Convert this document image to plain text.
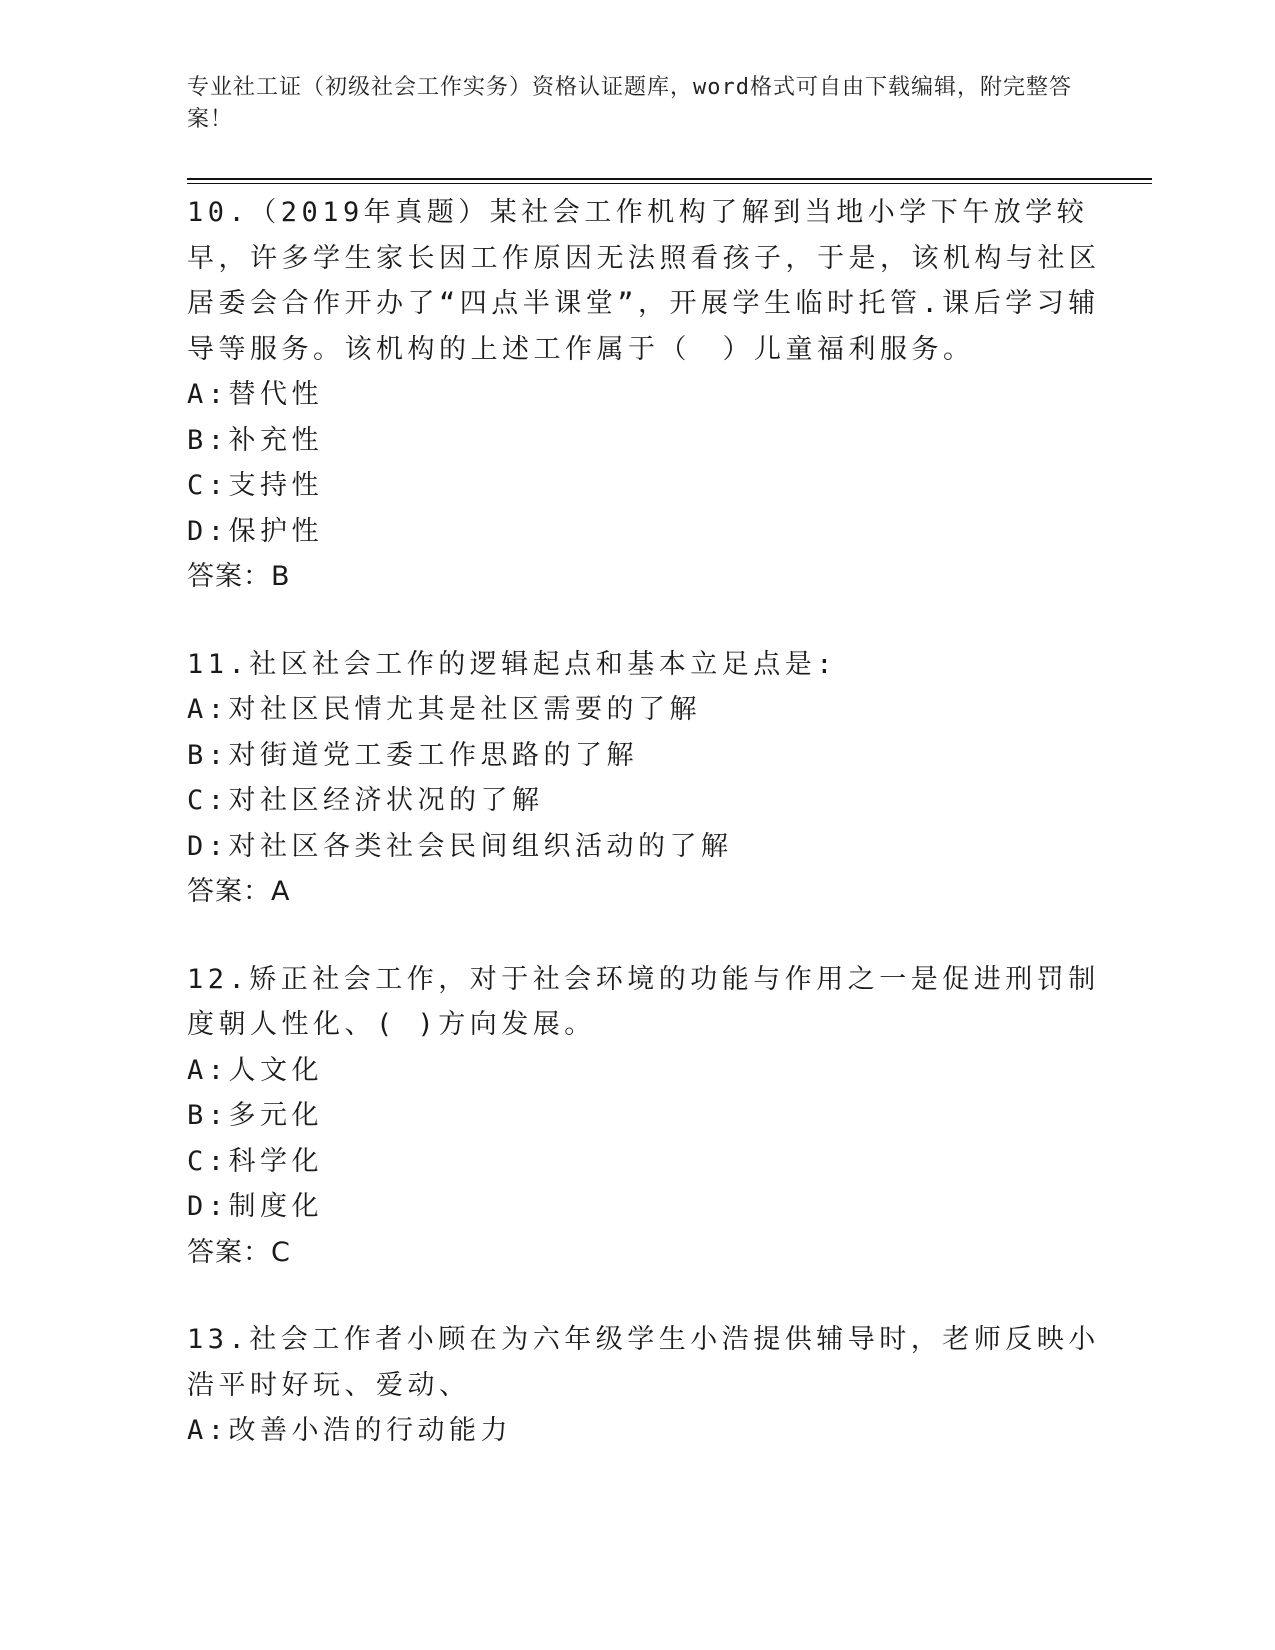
专业社工证（初级社会工作实务）资格认证题库，word格式可自由下载编辑，附完整答案！

10.（2019年真题）某社会工作机构了解到当地小学下午放学较早，许多学生家长因工作原因无法照看孩子，于是，该机构与社区居委会合作开办了“四点半课堂”，开展学生临时托管.课后学习辅导等服务。该机构的上述工作属于（　）儿童福利服务。

A:替代性

B:补充性

C:支持性

D:保护性

答案：B

11.社区社会工作的逻辑起点和基本立足点是:

A:对社区民情尤其是社区需要的了解

B:对街道党工委工作思路的了解

C:对社区经济状况的了解

D:对社区各类社会民间组织活动的了解

答案：A

12.矫正社会工作，对于社会环境的功能与作用之一是促进刑罚制度朝人性化、( )方向发展。

A:人文化

B:多元化

C:科学化

D:制度化

答案：C

13.社会工作者小顾在为六年级学生小浩提供辅导时，老师反映小浩平时好玩、爱动、

A:改善小浩的行动能力
